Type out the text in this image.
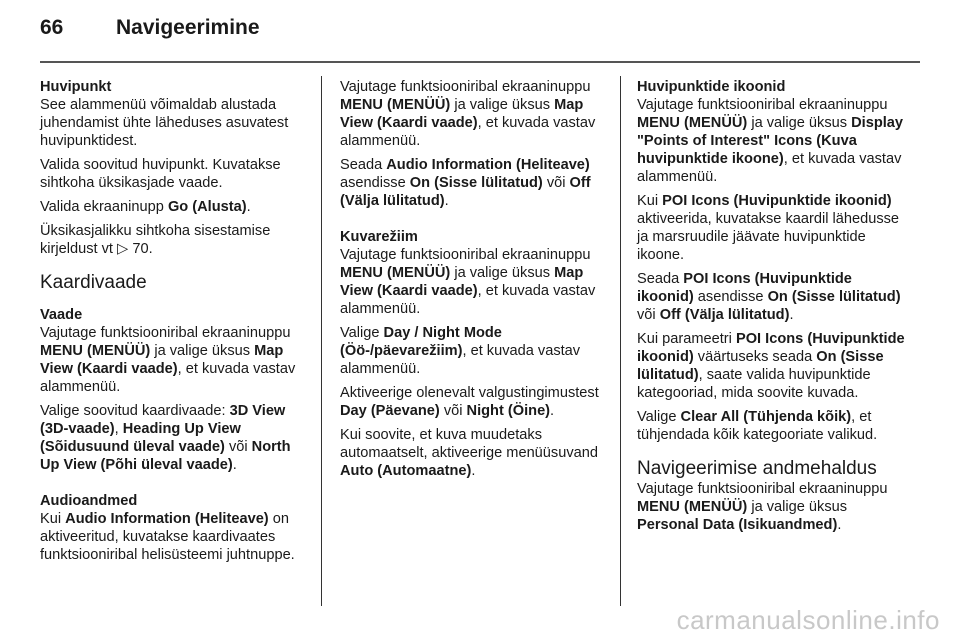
66	Navigeerimine
Huvipunkt

See alammenüü võimaldab alustada juhendamist ühte läheduses asuvatest huvipunktidest.

Valida soovitud huvipunkt. Kuvatakse sihtkoha üksikasjade vaade.

Valida ekraaninupp Go (Alusta).

Üksikasjalikku sihtkoha sisestamise kirjeldust vt ▷ 70.

Kaardivaade
Vaade

Vajutage funktsiooniribal ekraaninuppu MENU (MENÜÜ) ja valige üksus Map View (Kaardi vaade), et kuvada vastav alammenüü.

Valige soovitud kaardivaade: 3D View (3D-vaade), Heading Up View (Sõidusuund üleval vaade) või North Up View (Põhi üleval vaade).

Audioandmed

Kui Audio Information (Heliteave) on aktiveeritud, kuvatakse kaardivaates funktsiooniribal helisüsteemi juhtnuppe.

Vajutage funktsiooniribal ekraaninuppu MENU (MENÜÜ) ja valige üksus Map View (Kaardi vaade), et kuvada vastav alammenüü.

Seada Audio Information (Heliteave) asendisse On (Sisse lülitatud) või Off (Välja lülitatud).

Kuvarežiim

Vajutage funktsiooniribal ekraaninuppu MENU (MENÜÜ) ja valige üksus Map View (Kaardi vaade), et kuvada vastav alammenüü.

Valige Day / Night Mode (Öö-/päevarežiim), et kuvada vastav alammenüü.

Aktiveerige olenevalt valgustingimustest Day (Päevane) või Night (Öine).

Kui soovite, et kuva muudetaks automaatselt, aktiveerige menüüsuvand Auto (Automaatne).

Huvipunktide ikoonid

Vajutage funktsiooniribal ekraaninuppu MENU (MENÜÜ) ja valige üksus Display "Points of Interest" Icons (Kuva huvipunktide ikoone), et kuvada vastav alammenüü.

Kui POI Icons (Huvipunktide ikoonid) aktiveerida, kuvatakse kaardil lähedusse ja marsruudile jäävate huvipunktide ikoone.

Seada POI Icons (Huvipunktide ikoonid) asendisse On (Sisse lülitatud) või Off (Välja lülitatud).

Kui parameetri POI Icons (Huvipunktide ikoonid) väärtuseks seada On (Sisse lülitatud), saate valida huvipunktide kategooriad, mida soovite kuvada.

Valige Clear All (Tühjenda kõik), et tühjendada kõik kategooriate valikud.

Navigeerimise andmehaldus

Vajutage funktsiooniribal ekraaninuppu MENU (MENÜÜ) ja valige üksus Personal Data (Isikuandmed).

carmanualsonline.info
